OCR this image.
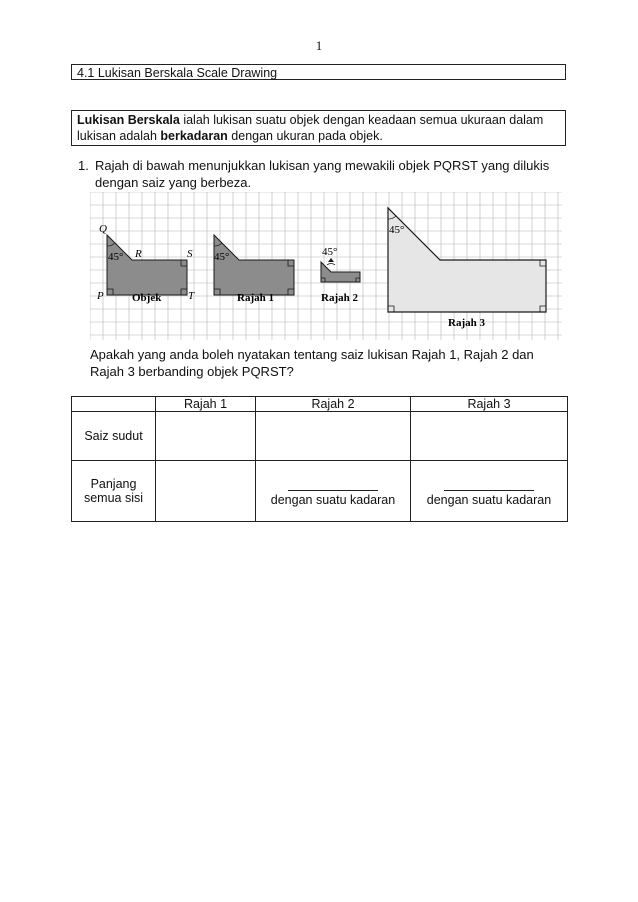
1
4.1 Lukisan Berskala Scale Drawing
Lukisan Berskala ialah lukisan suatu objek dengan keadaan semua ukuraan dalam lukisan adalah berkadaran dengan ukuran pada objek.
1. Rajah di bawah menunjukkan lukisan yang mewakili objek PQRST yang dilukis dengan saiz yang berbeza.
Q
R	S
P	T
45°	45°	45°
45°
Objek	Rajah 1	Rajah 2
Rajah 3
Apakah yang anda boleh nyatakan tentang saiz lukisan Rajah 1, Rajah 2 dan Rajah 3 berbanding objek PQRST?
	Rajah 1	Rajah 2	Rajah 3
Saiz sudut			
Panjang
semua sisi		dengan suatu kadaran	dengan suatu kadaran
